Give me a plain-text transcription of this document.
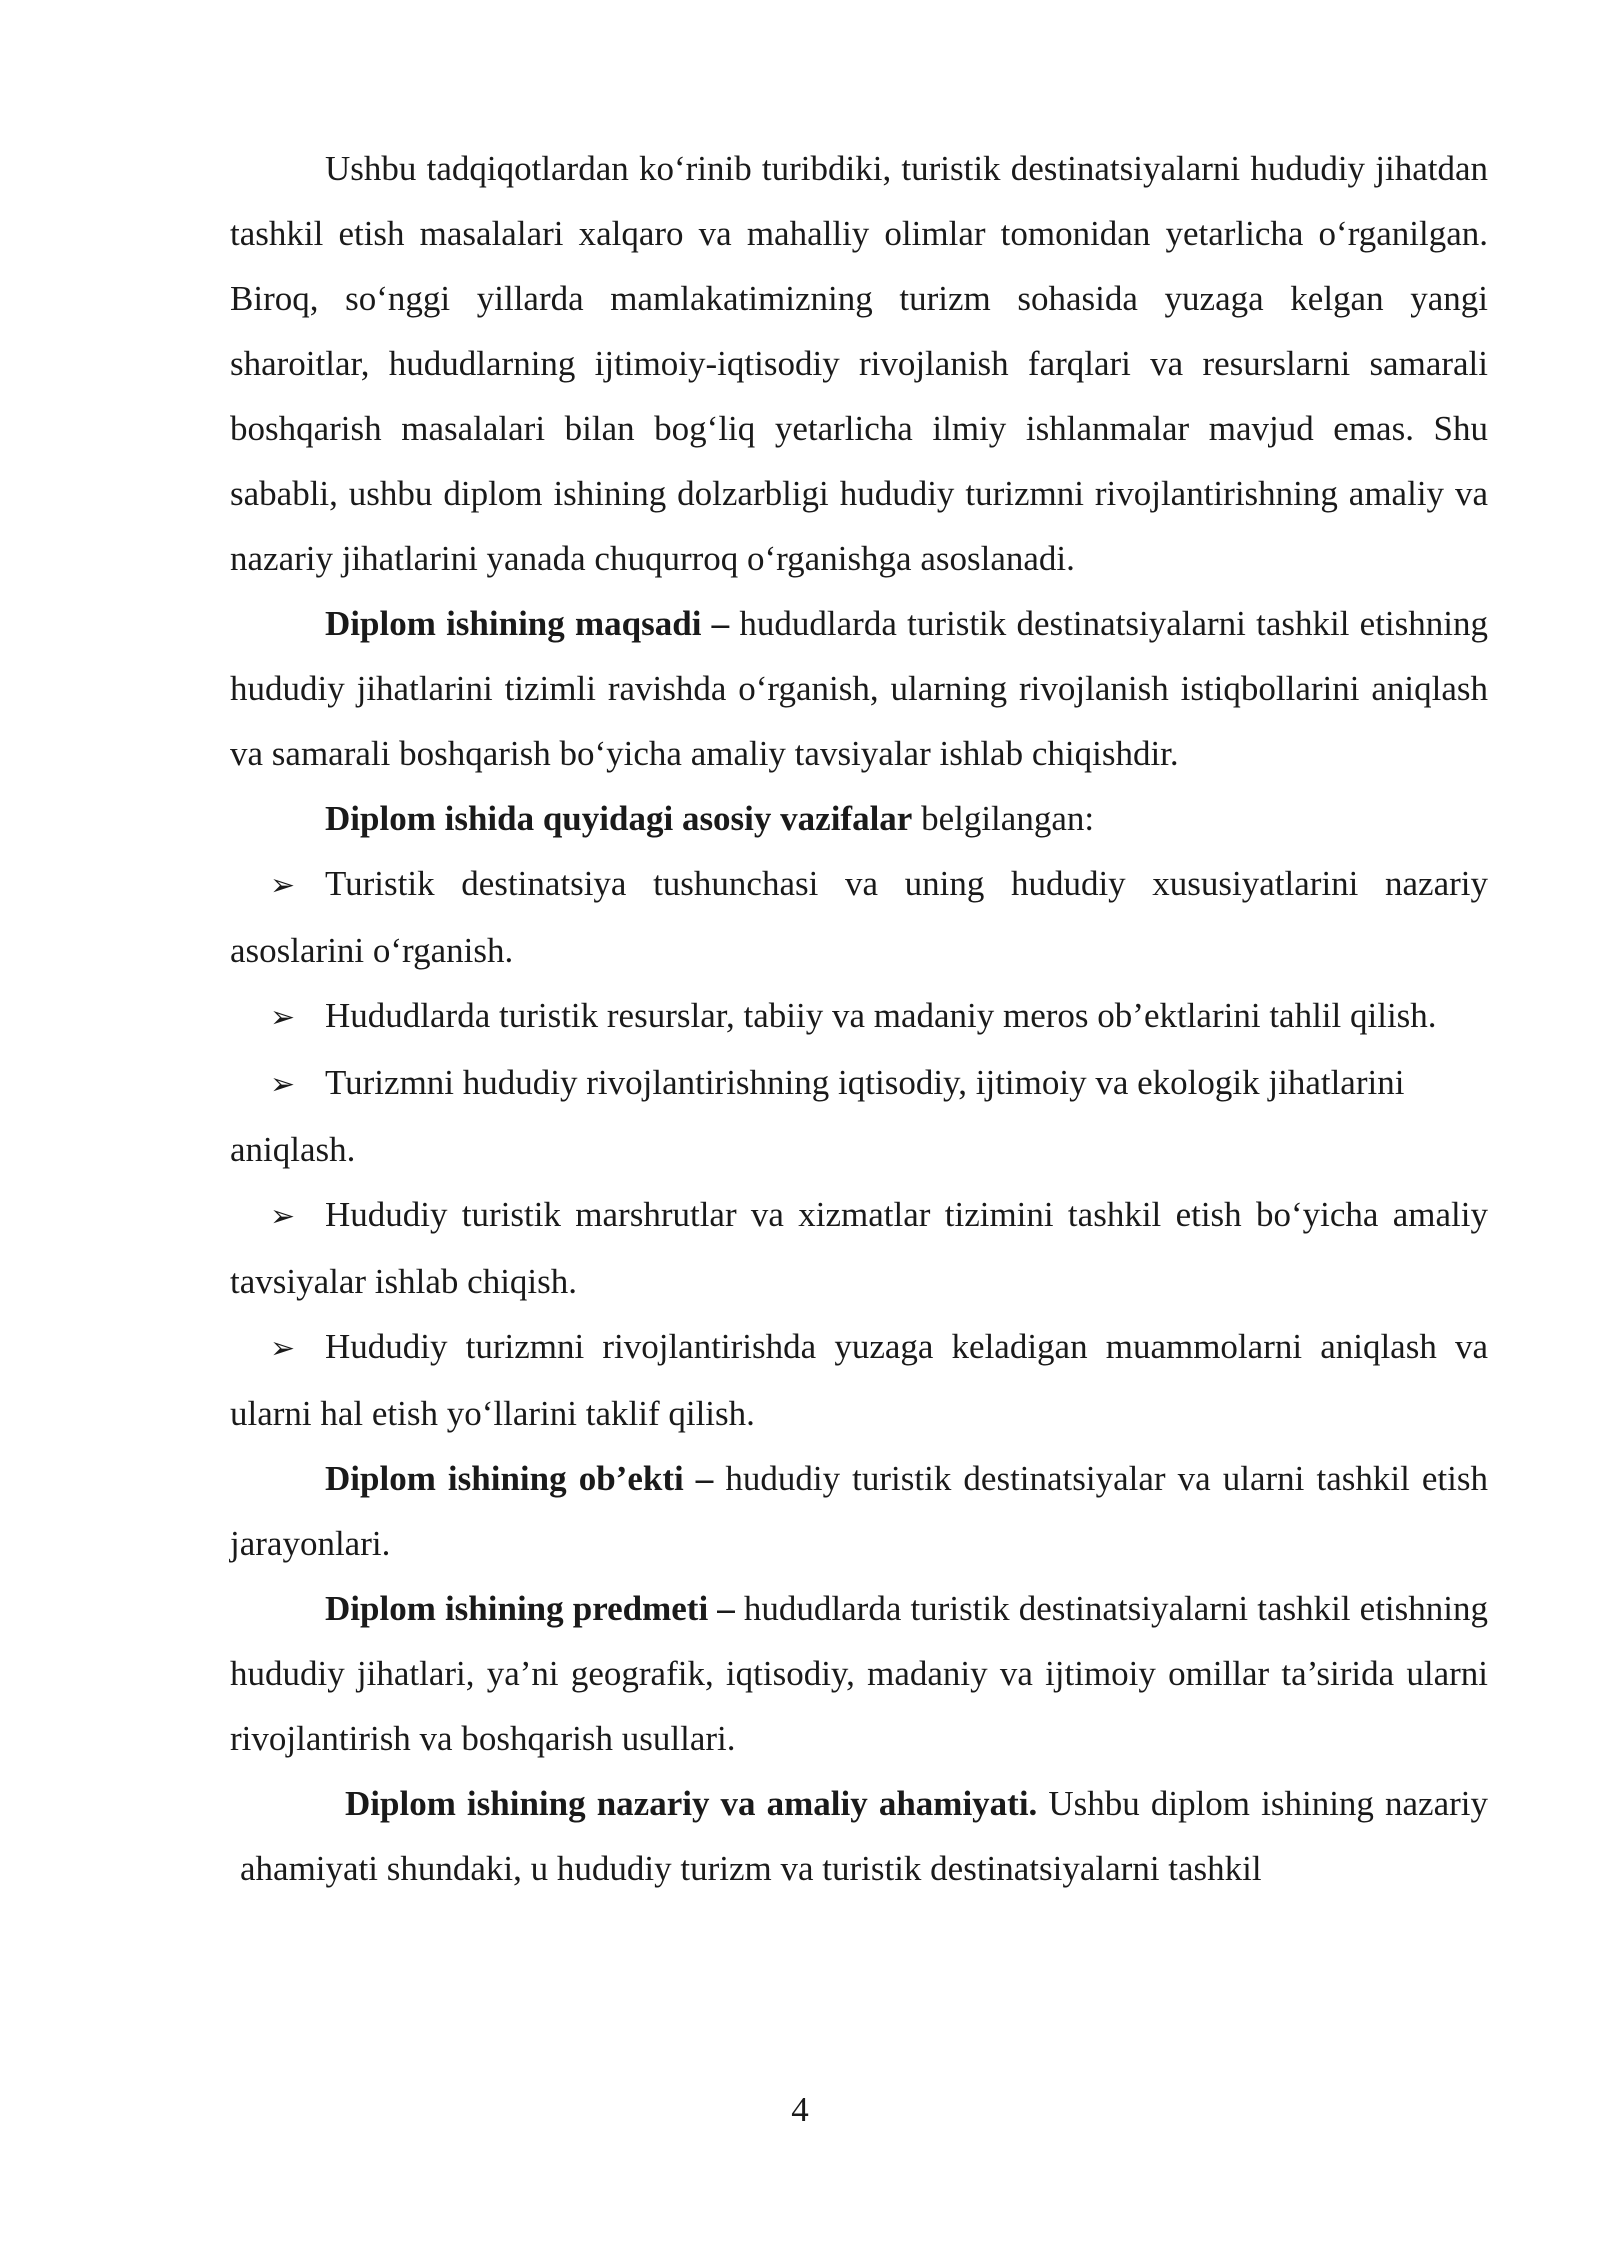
Ushbu tadqiqotlardan ko‘rinib turibdiki, turistik destinatsiyalarni hududiy jihatdan tashkil etish masalalari xalqaro va mahalliy olimlar tomonidan yetarlicha o‘rganilgan. Biroq, so‘nggi yillarda mamlakatimizning turizm sohasida yuzaga kelgan yangi sharoitlar, hududlarning ijtimoiy-iqtisodiy rivojlanish farqlari va resurslarni samarali boshqarish masalalari bilan bog‘liq yetarlicha ilmiy ishlanmalar mavjud emas. Shu sababli, ushbu diplom ishining dolzarbligi hududiy turizmni rivojlantirishning amaliy va nazariy jihatlarini yanada chuqurroq o‘rganishga asoslanadi.

Diplom ishining maqsadi – hududlarda turistik destinatsiyalarni tashkil etishning hududiy jihatlarini tizimli ravishda o‘rganish, ularning rivojlanish istiqbollarini aniqlash va samarali boshqarish bo‘yicha amaliy tavsiyalar ishlab chiqishdir.

Diplom ishida quyidagi asosiy vazifalar belgilangan:

➢ Turistik destinatsiya tushunchasi va uning hududiy xususiyatlarini nazariy asoslarini o‘rganish.

➢ Hududlarda turistik resurslar, tabiiy va madaniy meros ob’ektlarini tahlil qilish.

➢ Turizmni hududiy rivojlantirishning iqtisodiy, ijtimoiy va ekologik jihatlarini aniqlash.

➢ Hududiy turistik marshrutlar va xizmatlar tizimini tashkil etish bo‘yicha amaliy tavsiyalar ishlab chiqish.

➢ Hududiy turizmni rivojlantirishda yuzaga keladigan muammolarni aniqlash va ularni hal etish yo‘llarini taklif qilish.

Diplom ishining ob’ekti – hududiy turistik destinatsiyalar va ularni tashkil etish jarayonlari.

Diplom ishining predmeti – hududlarda turistik destinatsiyalarni tashkil etishning hududiy jihatlari, ya’ni geografik, iqtisodiy, madaniy va ijtimoiy omillar ta’sirida ularni rivojlantirish va boshqarish usullari.

Diplom ishining nazariy va amaliy ahamiyati. Ushbu diplom ishining nazariy ahamiyati shundaki, u hududiy turizm va turistik destinatsiyalarni tashkil

4
